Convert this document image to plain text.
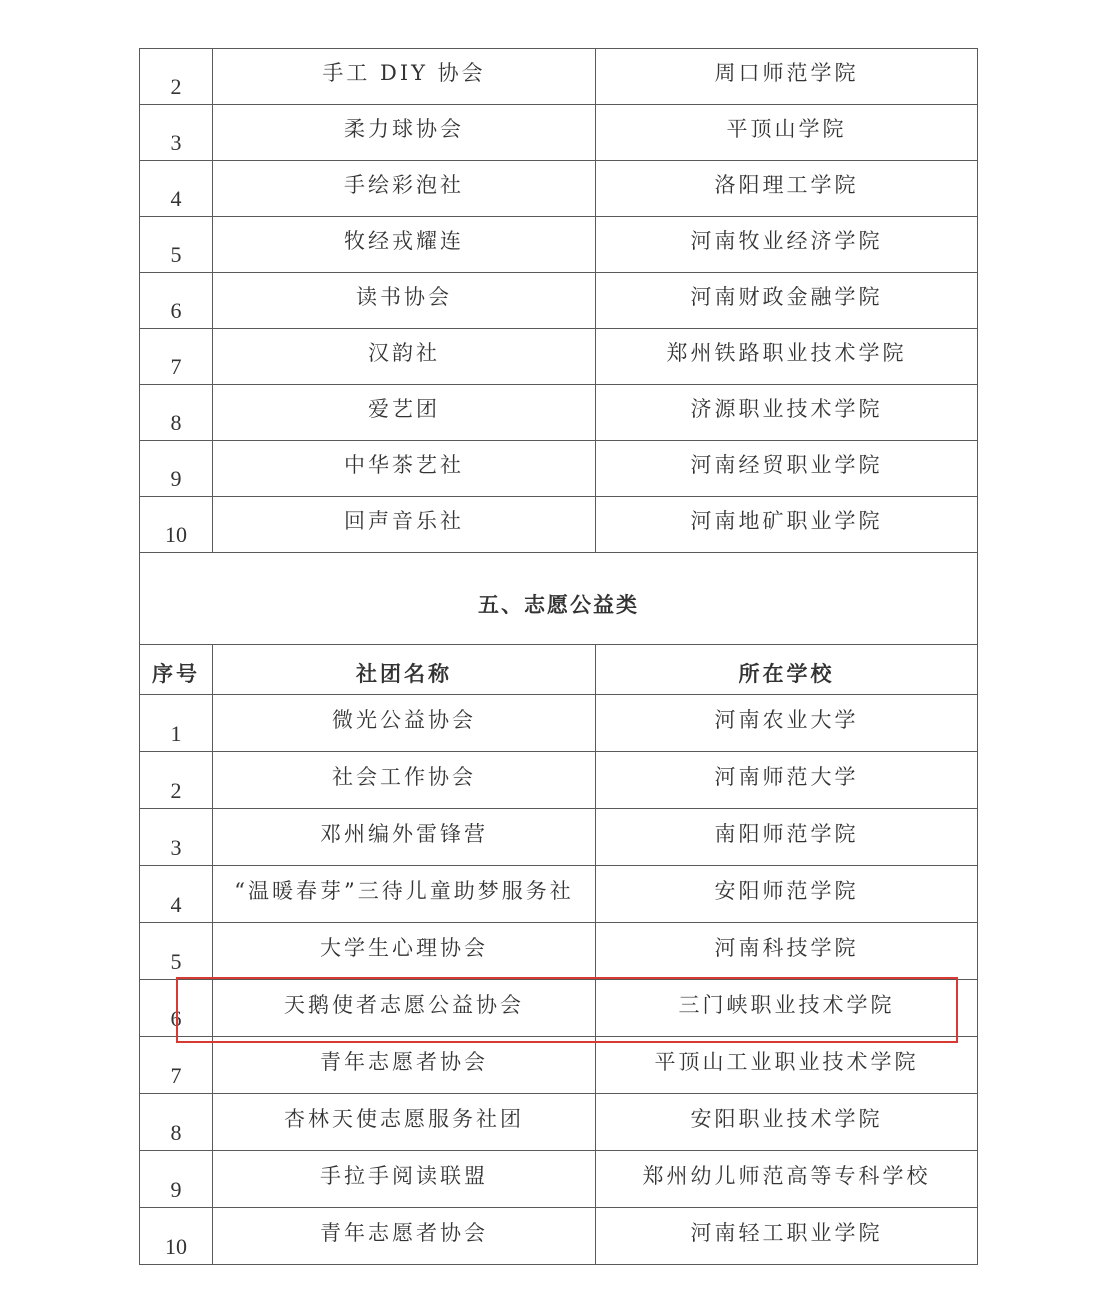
2	手工 DIY 协会	周口师范学院
3	柔力球协会	平顶山学院
4	手绘彩泡社	洛阳理工学院
5	牧经戎耀连	河南牧业经济学院
6	读书协会	河南财政金融学院
7	汉韵社	郑州铁路职业技术学院
8	爱艺团	济源职业技术学院
9	中华茶艺社	河南经贸职业学院
10	回声音乐社	河南地矿职业学院
五、志愿公益类		
序号	社团名称	所在学校
1	微光公益协会	河南农业大学
2	社会工作协会	河南师范大学
3	邓州编外雷锋营	南阳师范学院
4	“温暖春芽”三待儿童助梦服务社	安阳师范学院
5	大学生心理协会	河南科技学院
6	天鹅使者志愿公益协会	三门峡职业技术学院
7	青年志愿者协会	平顶山工业职业技术学院
8	杏林天使志愿服务社团	安阳职业技术学院
9	手拉手阅读联盟	郑州幼儿师范高等专科学校
10	青年志愿者协会	河南轻工职业学院
